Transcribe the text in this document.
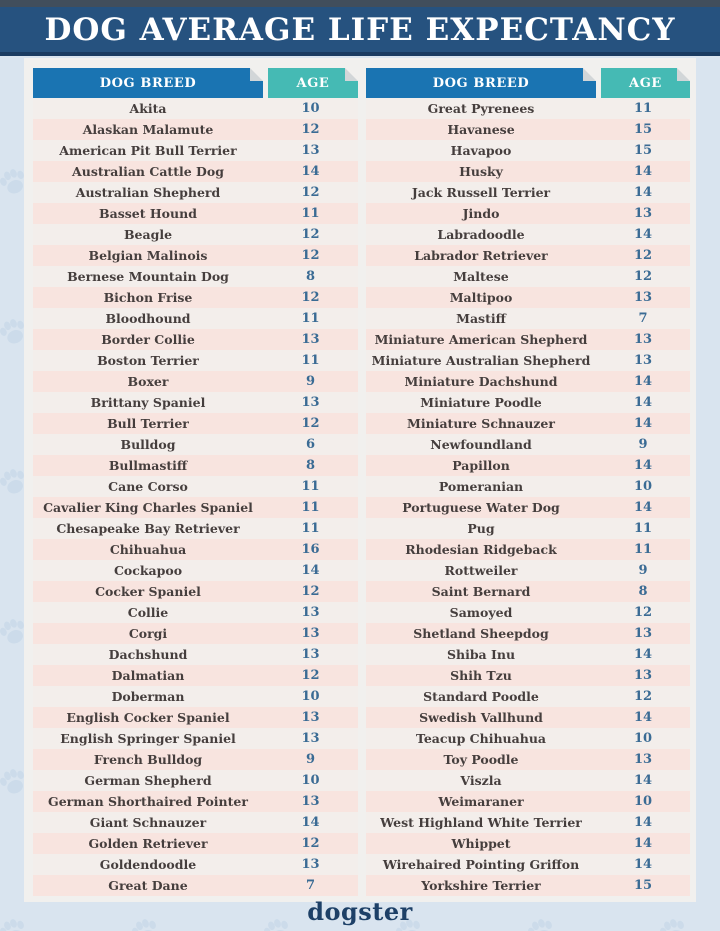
DOG AVERAGE LIFE EXPECTANCY
DOG BREED	AGE
Akita	10
Alaskan Malamute	12
American Pit Bull Terrier	13
Australian Cattle Dog	14
Australian Shepherd	12
Basset Hound	11
Beagle	12
Belgian Malinois	12
Bernese Mountain Dog	8
Bichon Frise	12
Bloodhound	11
Border Collie	13
Boston Terrier	11
Boxer	9
Brittany Spaniel	13
Bull Terrier	12
Bulldog	6
Bullmastiff	8
Cane Corso	11
Cavalier King Charles Spaniel	11
Chesapeake Bay Retriever	11
Chihuahua	16
Cockapoo	14
Cocker Spaniel	12
Collie	13
Corgi	13
Dachshund	13
Dalmatian	12
Doberman	10
English Cocker Spaniel	13
English Springer Spaniel	13
French Bulldog	9
German Shepherd	10
German Shorthaired Pointer	13
Giant Schnauzer	14
Golden Retriever	12
Goldendoodle	13
Great Dane	7
DOG BREED	AGE
Great Pyrenees	11
Havanese	15
Havapoo	15
Husky	14
Jack Russell Terrier	14
Jindo	13
Labradoodle	14
Labrador Retriever	12
Maltese	12
Maltipoo	13
Mastiff	7
Miniature American Shepherd	13
Miniature Australian Shepherd	13
Miniature Dachshund	14
Miniature Poodle	14
Miniature Schnauzer	14
Newfoundland	9
Papillon	14
Pomeranian	10
Portuguese Water Dog	14
Pug	11
Rhodesian Ridgeback	11
Rottweiler	9
Saint Bernard	8
Samoyed	12
Shetland Sheepdog	13
Shiba Inu	14
Shih Tzu	13
Standard Poodle	12
Swedish Vallhund	14
Teacup Chihuahua	10
Toy Poodle	13
Viszla	14
Weimaraner	10
West Highland White Terrier	14
Whippet	14
Wirehaired Pointing Griffon	14
Yorkshire Terrier	15
dogster
